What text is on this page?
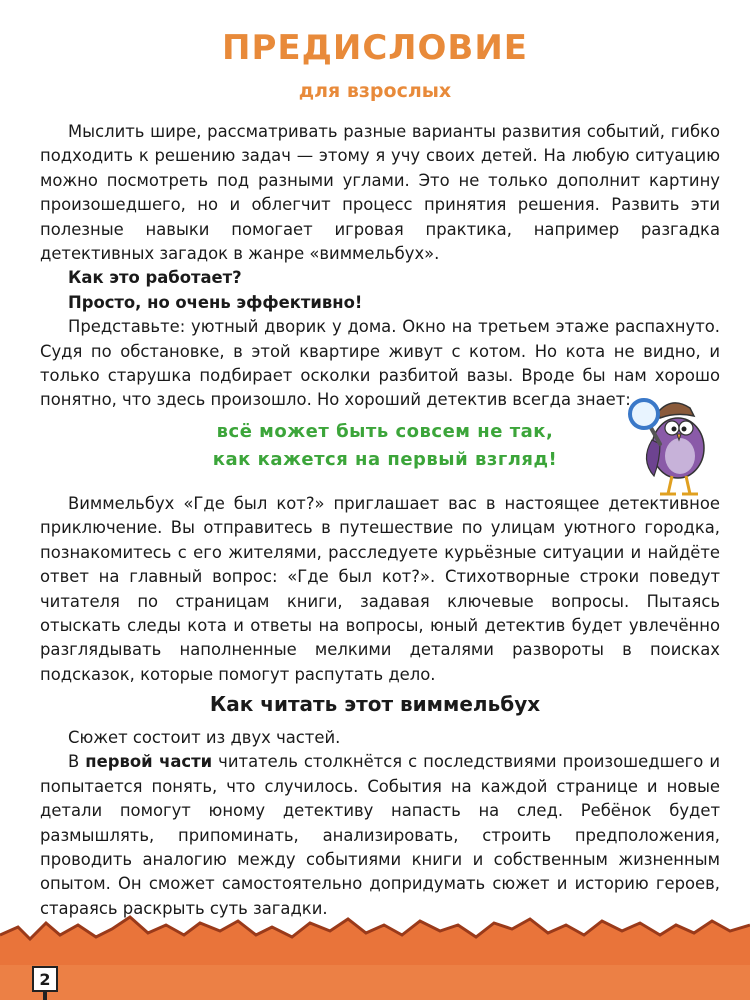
ПРЕДИСЛОВИЕ
для взрослых

Мыслить шире, рассматривать разные варианты развития событий, гибко подходить к решению задач — этому я учу своих детей. На любую ситуацию можно посмотреть под разными углами. Это не только дополнит картину произошедшего, но и облегчит процесс принятия решения. Развить эти полезные навыки помогает игровая практика, например разгадка детективных загадок в жанре «виммельбух».

Как это работает?

Просто, но очень эффективно!

Представьте: уютный дворик у дома. Окно на третьем этаже распахнуто. Судя по обстановке, в этой квартире живут с котом. Но кота не видно, и только старушка подбирает осколки разбитой вазы. Вроде бы нам хорошо понятно, что здесь произошло. Но хороший детектив всегда знает:

всё может быть совсем не так,
как кажется на первый взгляд!

Виммельбух «Где был кот?» приглашает вас в настоящее детективное приключение. Вы отправитесь в путешествие по улицам уютного городка, познакомитесь с его жителями, расследуете курьёзные ситуации и найдёте ответ на главный вопрос: «Где был кот?». Стихотворные строки поведут читателя по страницам книги, задавая ключевые вопросы. Пытаясь отыскать следы кота и ответы на вопросы, юный детектив будет увлечённо разглядывать наполненные мелкими деталями развороты в поисках подсказок, которые помогут распутать дело.

Как читать этот виммельбух

Сюжет состоит из двух частей.

В первой части читатель столкнётся с последствиями произошедшего и попытается понять, что случилось. События на каждой странице и новые детали помогут юному детективу напасть на след. Ребёнок будет размышлять, припоминать, анализировать, строить предположения, проводить аналогию между событиями книги и собственным жизненным опытом. Он сможет самостоятельно допридумать сюжет и историю героев, стараясь раскрыть суть загадки.

2
